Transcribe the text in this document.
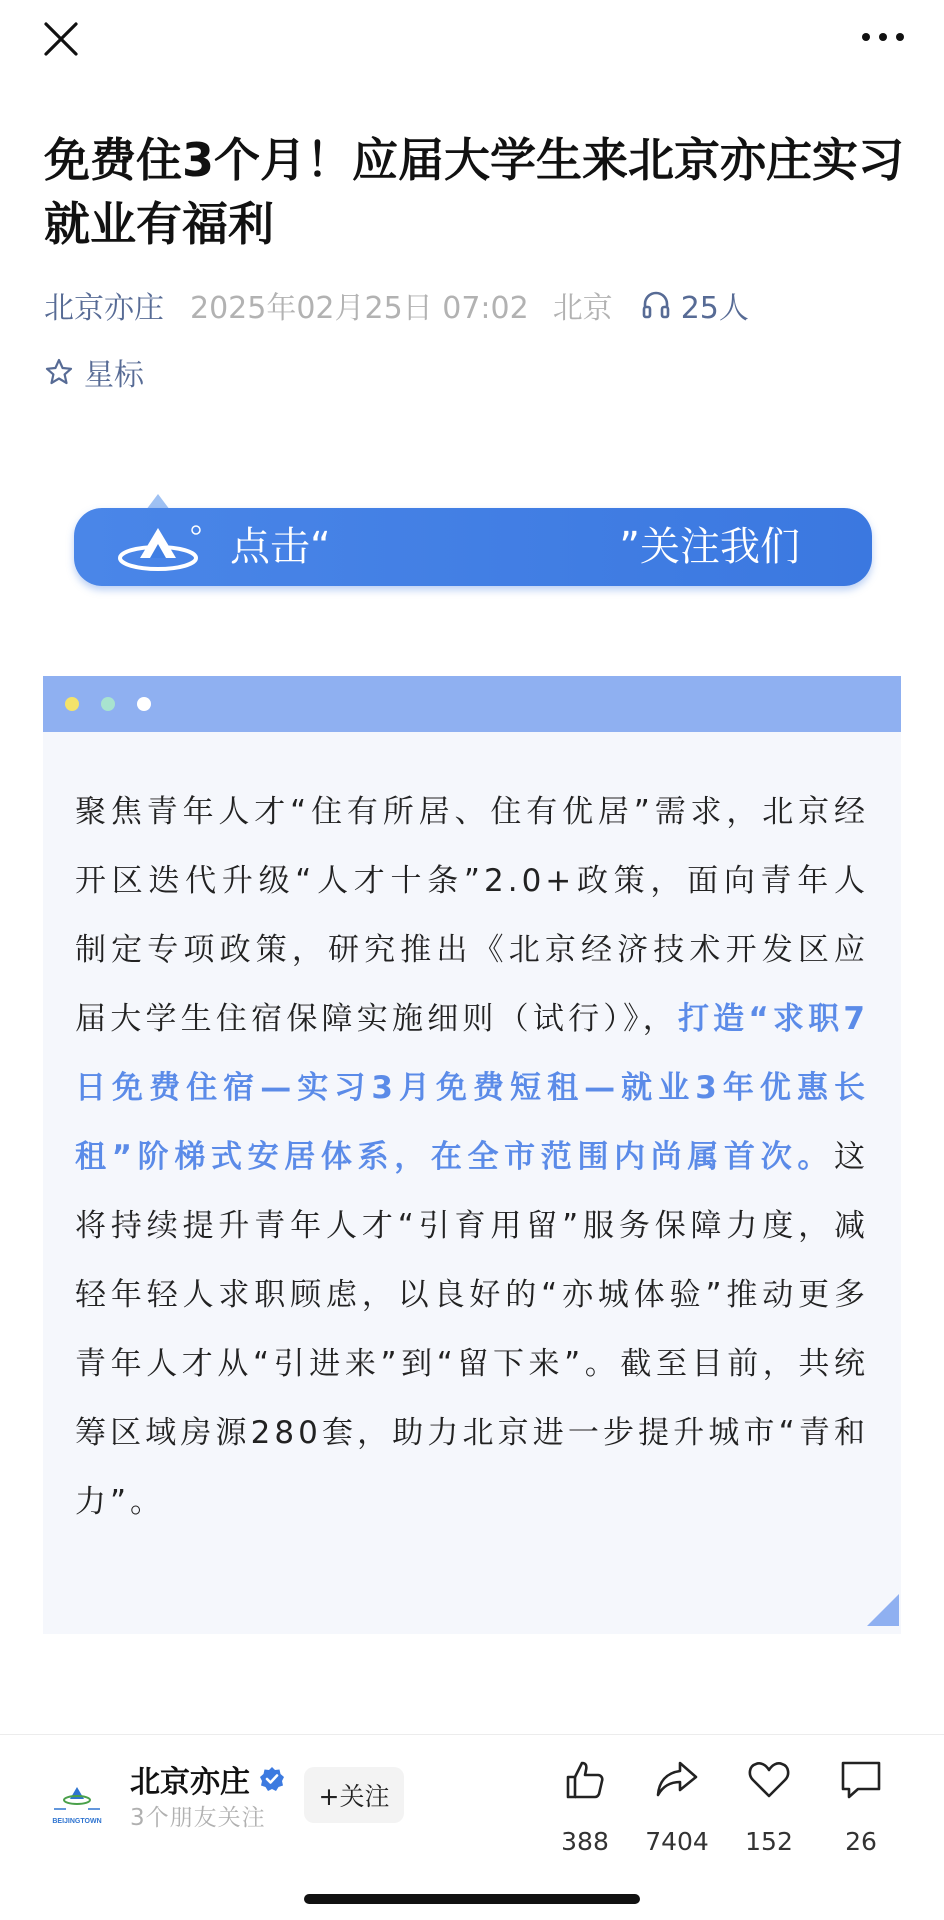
免费住3个月！应届大学生来北京亦庄实习就业有福利
北京亦庄 2025年02月25日 07:02 北京 25人
星标
点击“	”关注我们

聚焦青年人才“住有所居、住有优居”需求，北京经开区迭代升级“人才十条”2.0+政策，面向青年人制定专项政策，研究推出《北京经济技术开发区应届大学生住宿保障实施细则（试行）》，打造“求职7日免费住宿—实习3月免费短租—就业3年优惠长租”阶梯式安居体系，在全市范围内尚属首次。这将持续提升青年人才“引育用留”服务保障力度，减轻年轻人求职顾虑，以良好的“亦城体验”推动更多青年人才从“引进来”到“留下来”。截至目前，共统筹区域房源280套，助力北京进一步提升城市“青和力”。

BEIJINGTOWN
北京亦庄
3个朋友关注
+关注
388	7404	152	26
